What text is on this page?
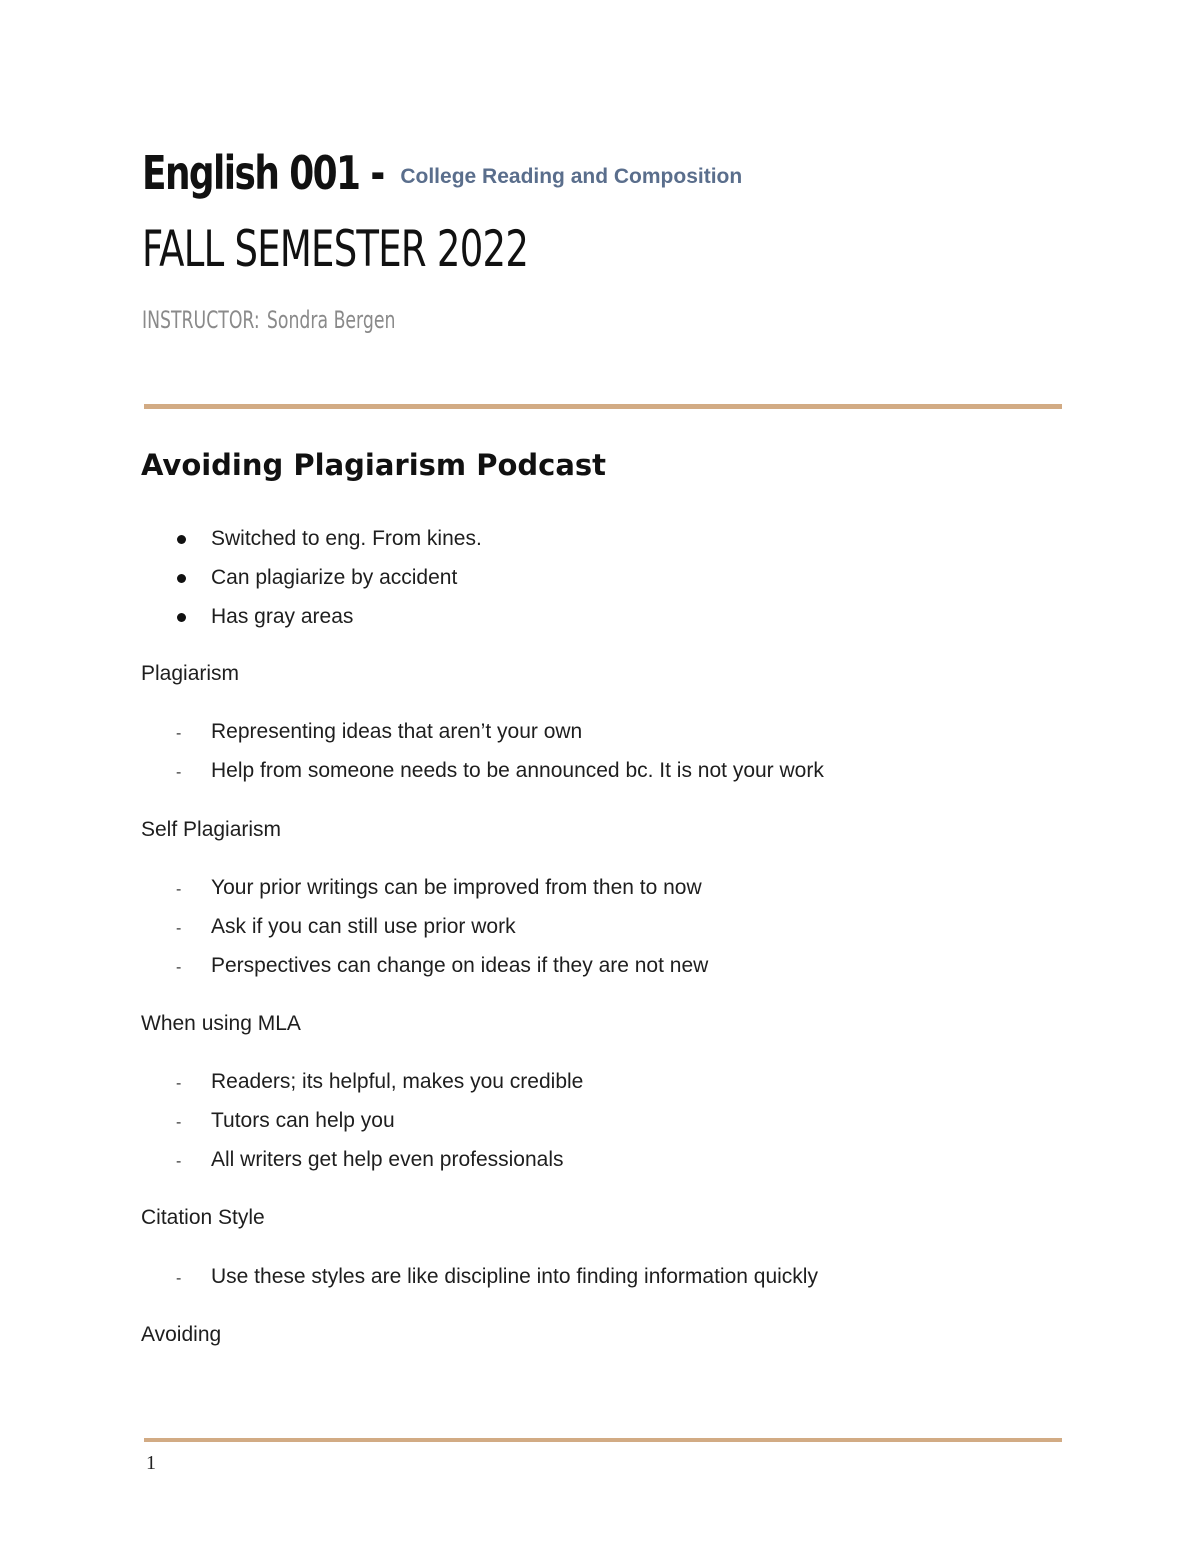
English 001 - College Reading and Composition
FALL SEMESTER 2022
INSTRUCTOR: Sondra Bergen
Avoiding Plagiarism Podcast
Switched to eng. From kines.
Can plagiarize by accident
Has gray areas
Plagiarism
- Representing ideas that aren’t your own
- Help from someone needs to be announced bc. It is not your work
Self Plagiarism
- Your prior writings can be improved from then to now
- Ask if you can still use prior work
- Perspectives can change on ideas if they are not new
When using MLA
- Readers; its helpful, makes you credible
- Tutors can help you
- All writers get help even professionals
Citation Style
- Use these styles are like discipline into finding information quickly
Avoiding
1
